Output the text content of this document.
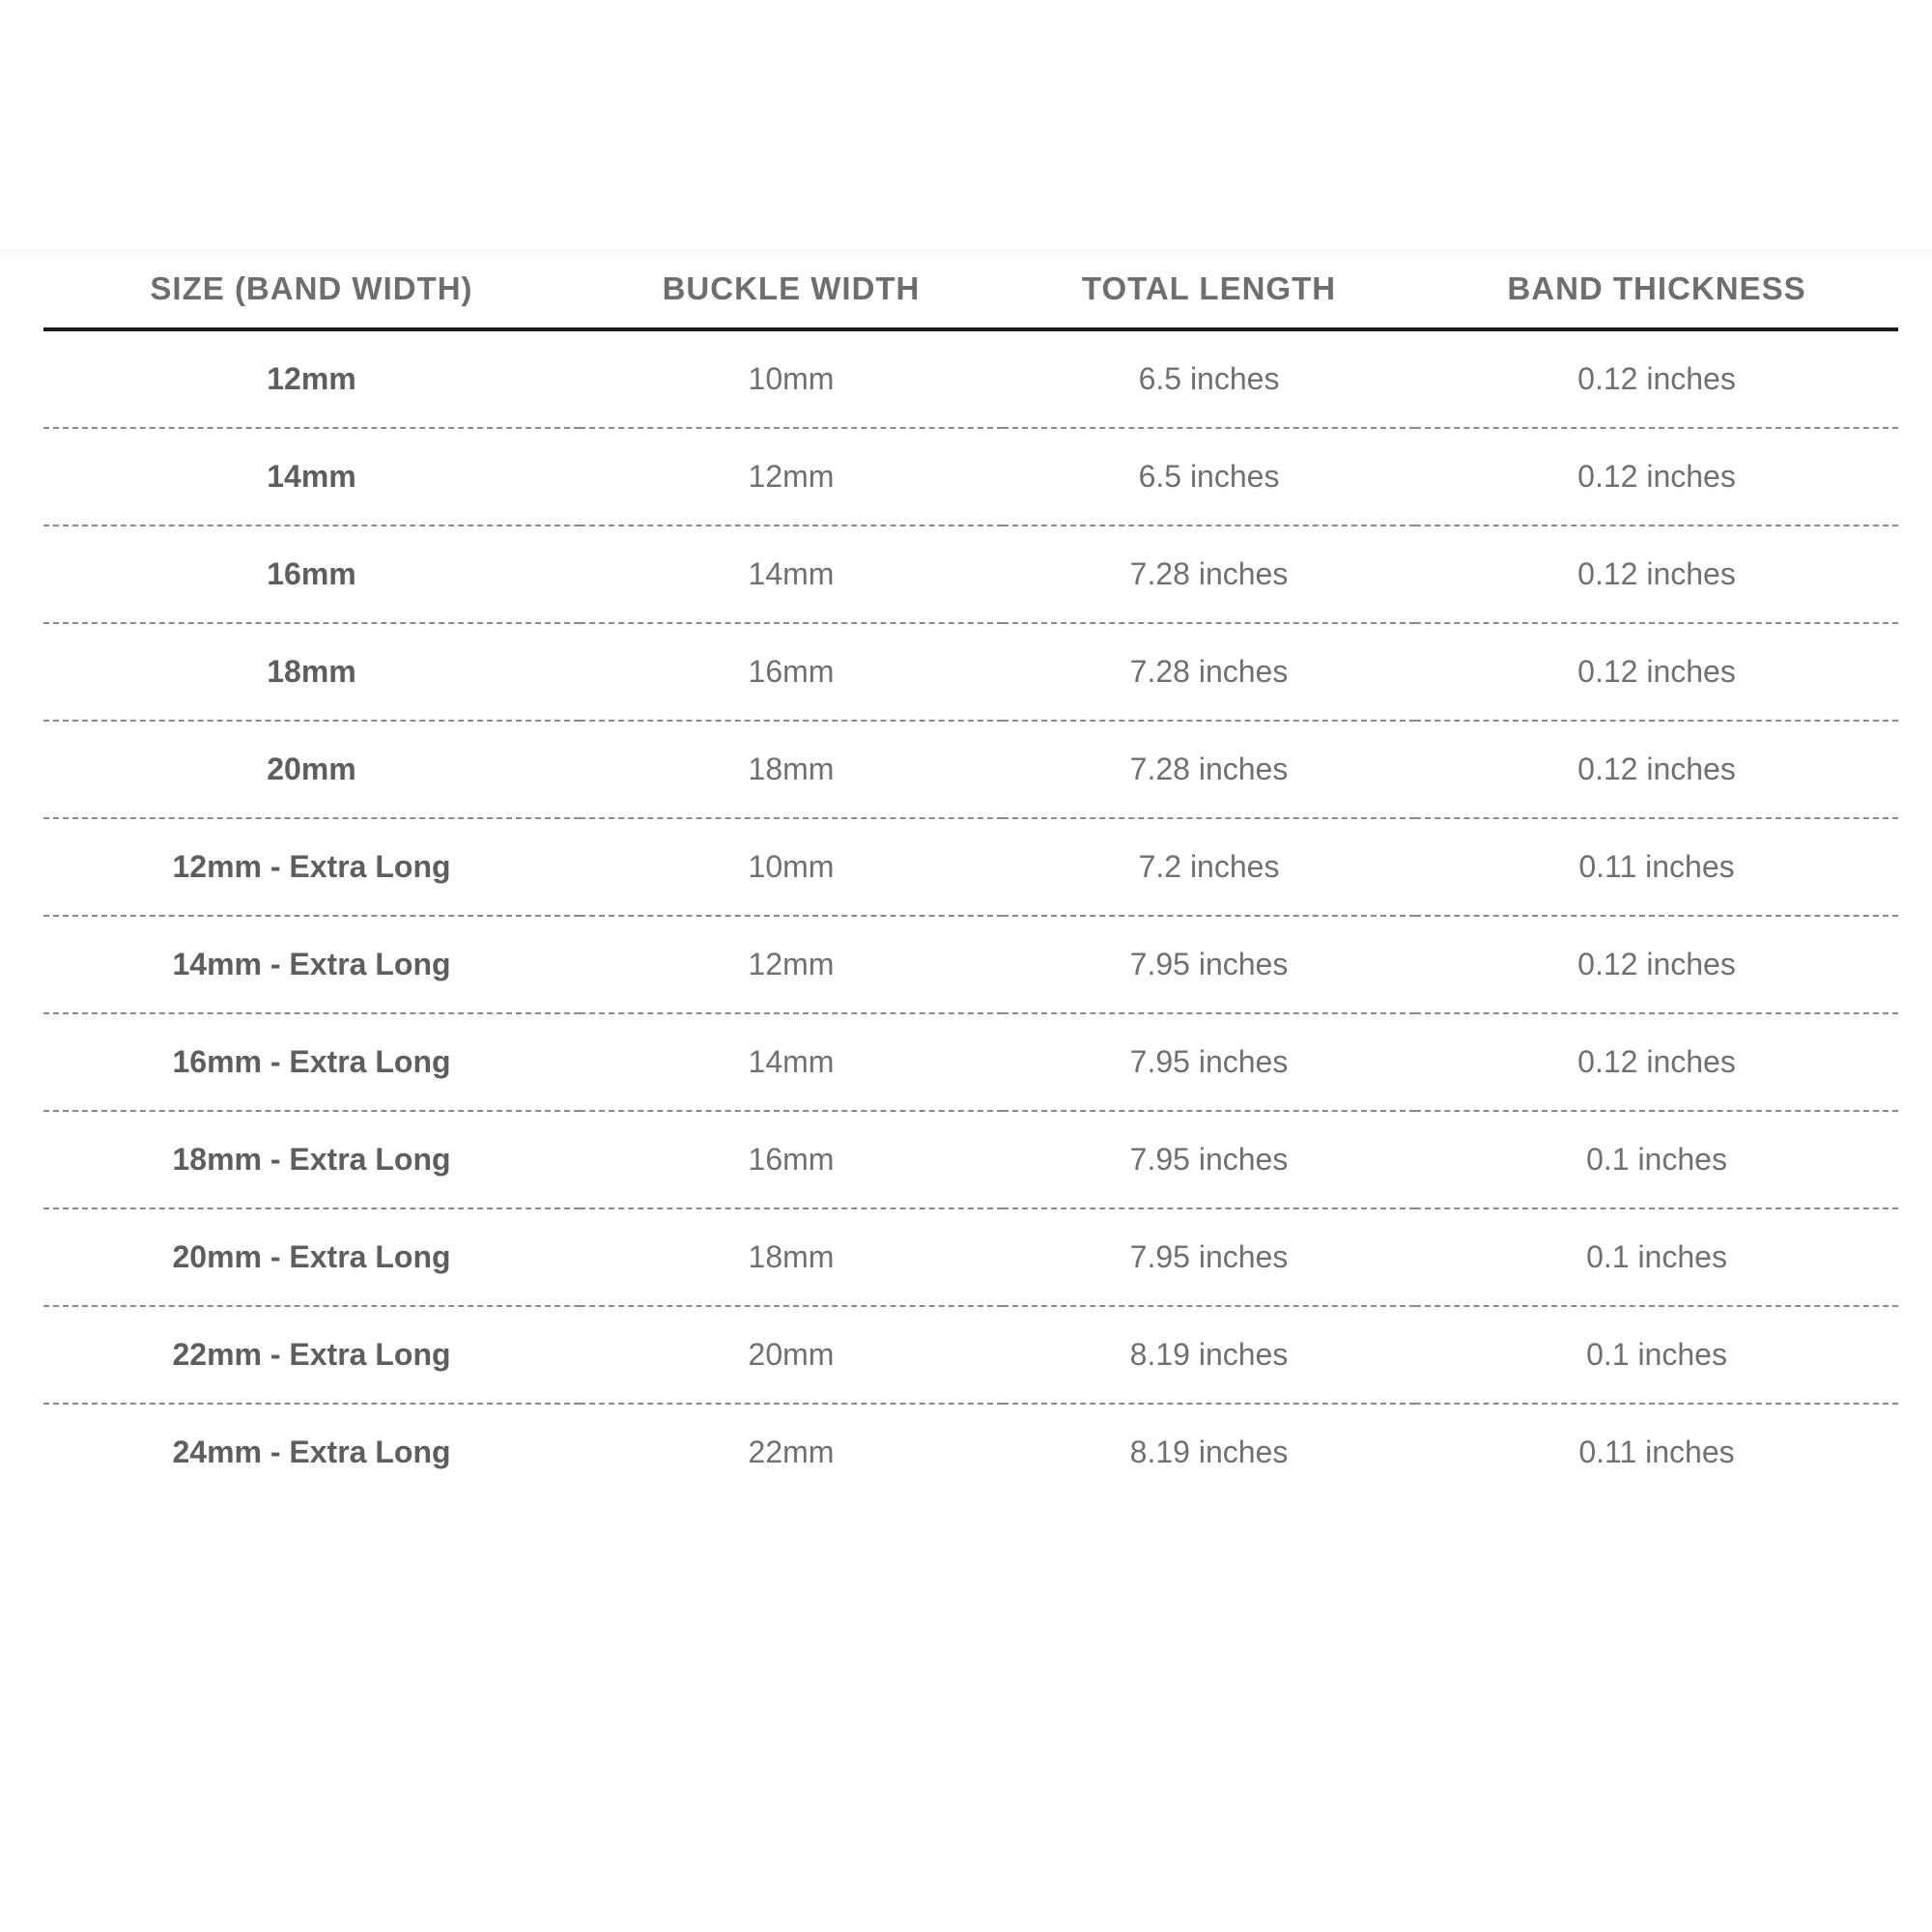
SIZE (BAND WIDTH)	BUCKLE WIDTH	TOTAL LENGTH	BAND THICKNESS
12mm	10mm	6.5 inches	0.12 inches
14mm	12mm	6.5 inches	0.12 inches
16mm	14mm	7.28 inches	0.12 inches
18mm	16mm	7.28 inches	0.12 inches
20mm	18mm	7.28 inches	0.12 inches
12mm - Extra Long	10mm	7.2 inches	0.11 inches
14mm - Extra Long	12mm	7.95 inches	0.12 inches
16mm - Extra Long	14mm	7.95 inches	0.12 inches
18mm - Extra Long	16mm	7.95 inches	0.1 inches
20mm - Extra Long	18mm	7.95 inches	0.1 inches
22mm - Extra Long	20mm	8.19 inches	0.1 inches
24mm - Extra Long	22mm	8.19 inches	0.11 inches
